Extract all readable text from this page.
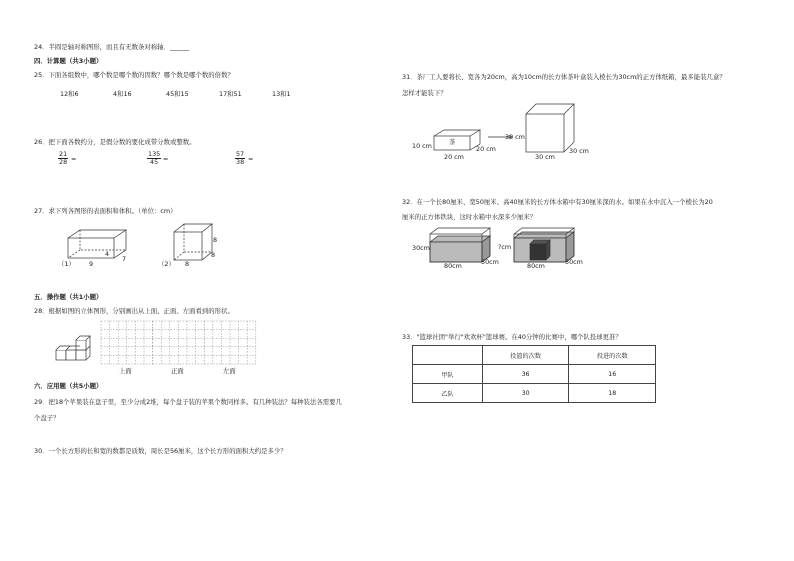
24．半圆是轴对称图形，而且有无数条对称轴．______
四．计算题（共3小题）
25．下面各组数中，哪个数是哪个数的因数？哪个数是哪个数的倍数？
12和6	4和16	45和15	17和51	13和1
26．把下面各数约分，是假分数的要化成带分数或整数。
$\frac{21}{28}$ =	$\frac{135}{45}$ =	$\frac{57}{38}$ =
27．求下列各图形的表面积和体积。（单位：cm）
（1） 9
4
7
（2） 8
8
8
五．操作题（共1小题）
28．根据如图的立体图形，分别画出从上面、正面、左面看到的形状。
上面	正面	左面
六．应用题（共5小题）
29．把18个苹果装在盘子里，至少分成2堆，每个盘子装的苹果个数同样多。有几种装法？每种装法各需要几
个盘子？
30．一个长方形的长和宽的数都是质数，周长是56厘米，这个长方形的面积大约是多少？
31．茶厂工人要将长、宽各为20cm，高为10cm的长方体茶叶盒装入棱长为30cm的正方体纸箱，最多能装几盒？
怎样才能装下？
茶
10 cm
20 cm
20 cm
30 cm
30 cm
30 cm
32．在一个长80厘米、宽50厘米、高40厘米的长方体水箱中有30厘米深的水。如果在水中沉入一个棱长为20
厘米的正方体铁块，这时水箱中水深多少厘米？
30cm
80cm	50cm
?cm
80cm	50cm
33．"篮球社团"举行"欢欢杯"篮球赛。在40分钟的比赛中，哪个队投球更准？
	投篮的次数	投进的次数
甲队	36	16
乙队	30	18
